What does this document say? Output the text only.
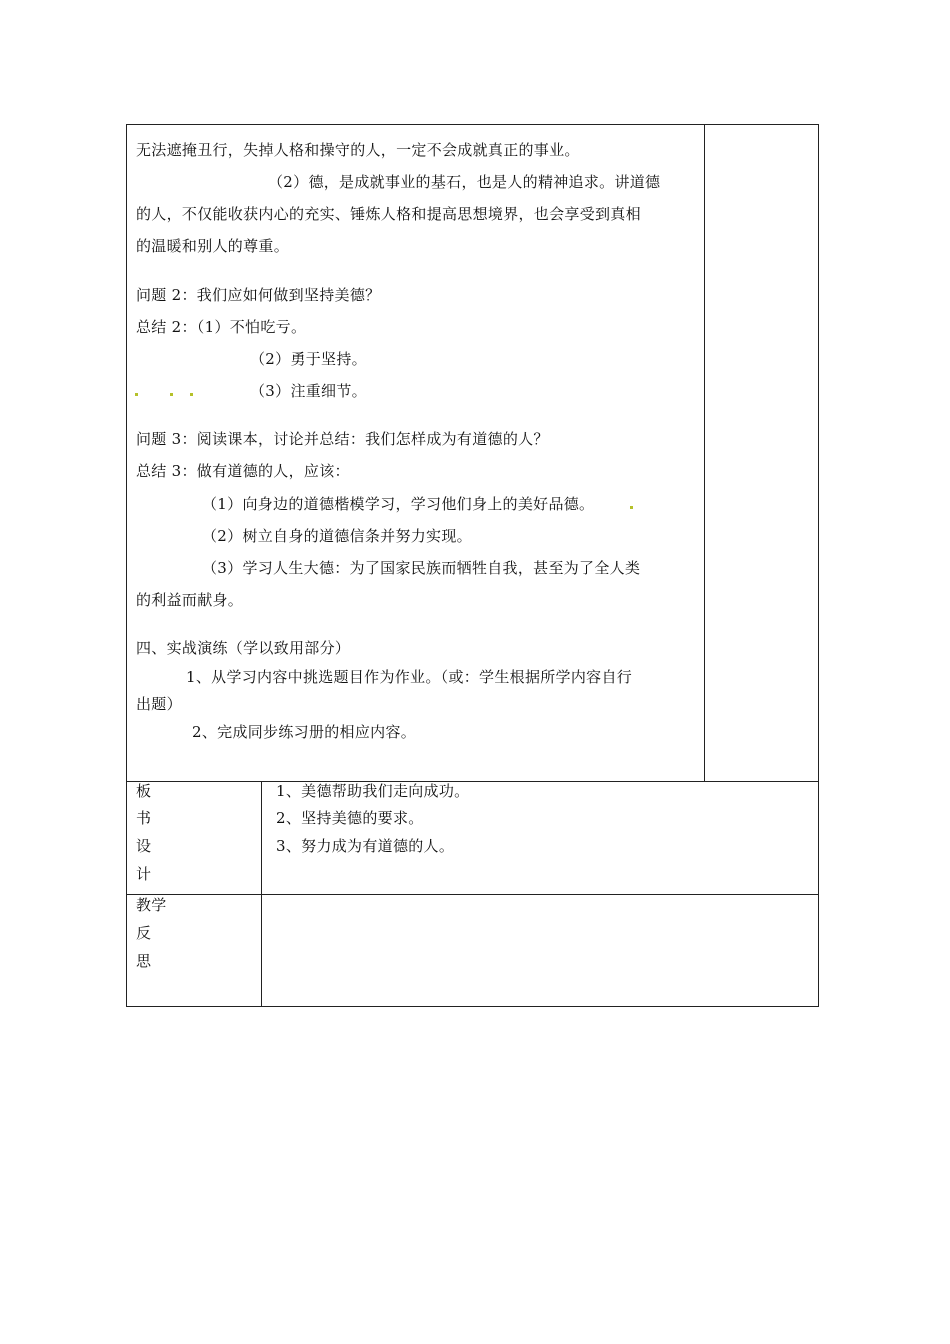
无法遮掩丑行，失掉人格和操守的人，一定不会成就真正的事业。
（2）德，是成就事业的基石，也是人的精神追求。讲道德
的人，不仅能收获内心的充实、锤炼人格和提高思想境界，也会享受到真相
的温暖和别人的尊重。
问题 2：我们应如何做到坚持美德？
总结 2：（1）不怕吃亏。
（2）勇于坚持。
（3）注重细节。
问题 3：阅读课本，讨论并总结：我们怎样成为有道德的人？
总结 3：做有道德的人，应该：
（1）向身边的道德楷模学习，学习他们身上的美好品德。
（2）树立自身的道德信条并努力实现。
（3）学习人生大德：为了国家民族而牺牲自我，甚至为了全人类
的利益而献身。
四、实战演练（学以致用部分）
1、从学习内容中挑选题目作为作业。（或：学生根据所学内容自行
出题）
2、完成同步练习册的相应内容。
板
书
设
计
1、美德帮助我们走向成功。
2、坚持美德的要求。
3、努力成为有道德的人。
教学
反
思
